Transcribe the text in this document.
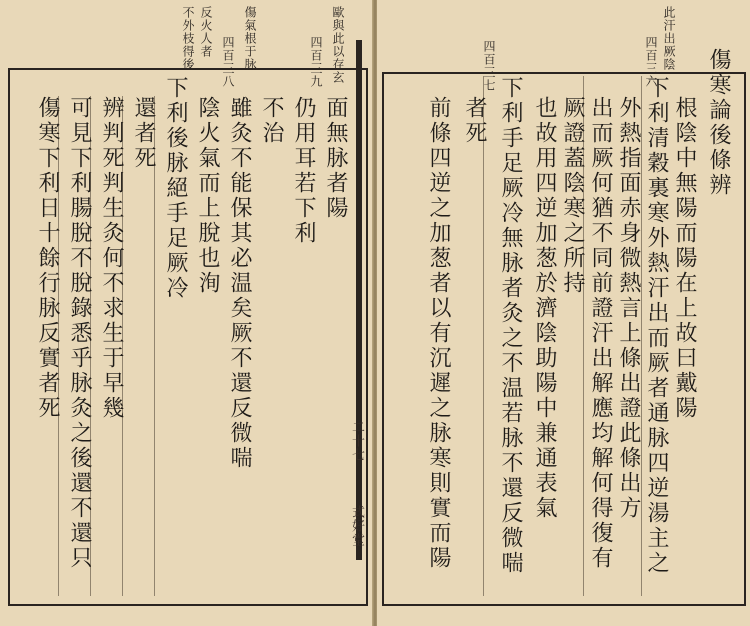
歐與此以存玄
四百三九
傷氣根于脉
四百三八
反火人者
不外枝得後
傷寒下利日十餘行脉反實者死 可見下利腸脫不脫錄悉乎脉灸之後還不還只 辨判死判生灸何不求生于早幾 還者死 下利後脉絕手足厥冷 陰火氣而上脫也洵 雖灸不能保其必温矣厥不還反微喘 不治 仍用耳若下利 面無脉者陽
二十七
式好堂
此汗出厥陰
四百三六
四百三七	傷寒論後條辨
根陰中無陽而陽在上故曰戴陽
下利清穀裏寒外熱汗出而厥者通脉四逆湯主之
外熱指面赤身微熱言上條出證此條出方
出而厥何猶不同前證汗出解應均解何得復有
厥證蓋陰寒之所持
也故用四逆加葱於濟陰助陽中兼通表氣
下利手足厥冷無脉者灸之不温若脉不還反微喘
者死
前條四逆之加葱者以有沉遲之脉寒則實而陽
